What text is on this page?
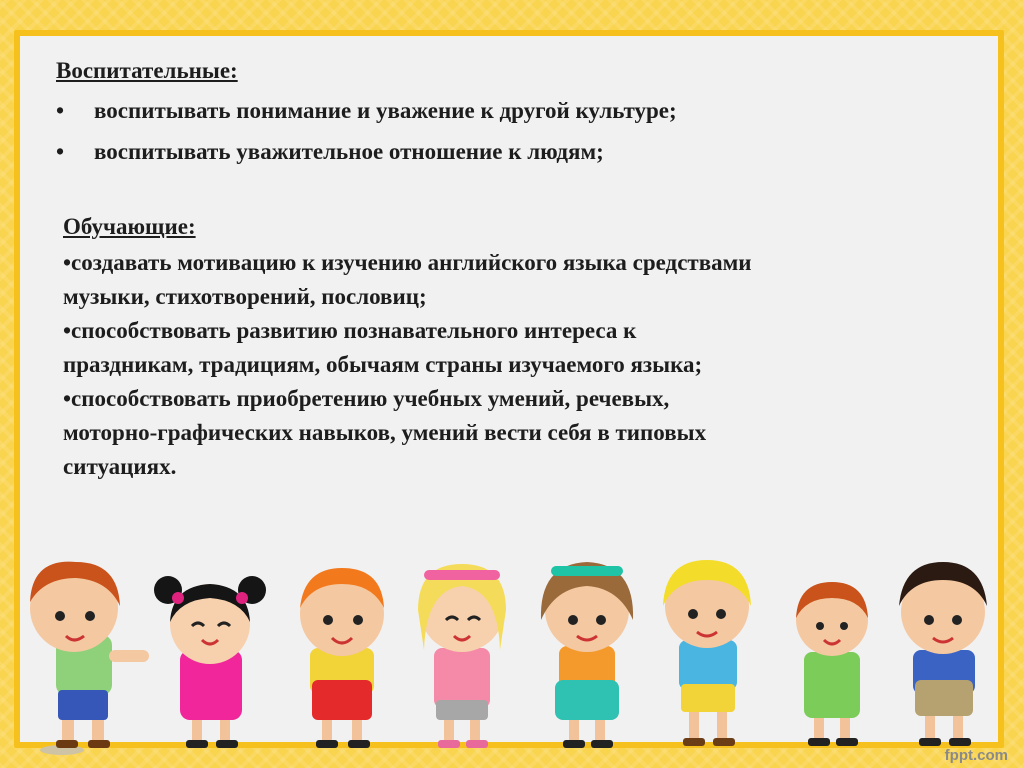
Воспитательные:
• воспитывать понимание и уважение к другой культуре;
• воспитывать уважительное отношение к людям;
Обучающие:
•создавать мотивацию к изучению английского языка средствами
музыки, стихотворений, пословиц;
•способствовать развитию познавательного интереса к
праздникам, традициям, обычаям страны изучаемого языка;
•способствовать приобретению учебных умений, речевых,
моторно-графических навыков, умений вести себя в типовых
ситуациях.
fppt.com
